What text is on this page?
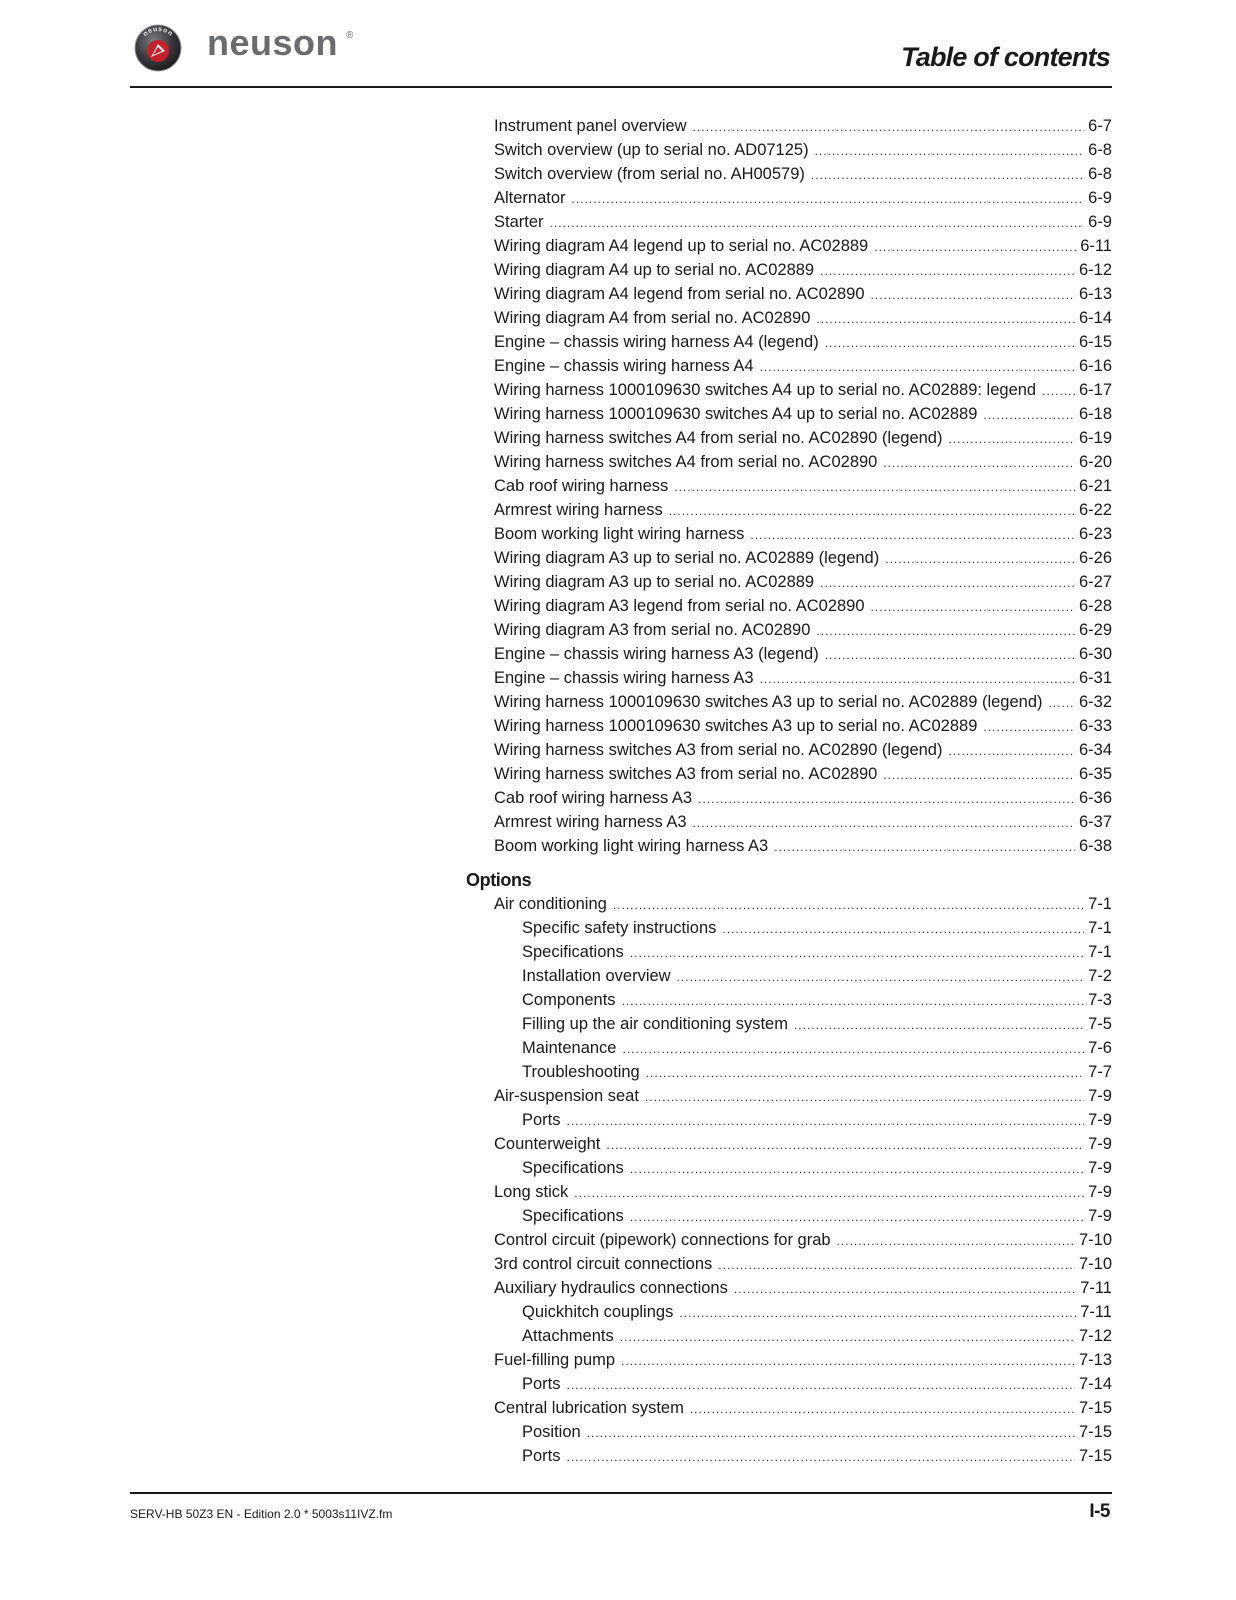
neuson neuson ®
Table of contents
Instrument panel overview .....	6-7
Switch overview (up to serial no. AD07125) .....	6-8
Switch overview (from serial no. AH00579) .....	6-8
Alternator .....	6-9
Starter .....	6-9
Wiring diagram A4 legend up to serial no. AC02889 .....	6-11
Wiring diagram A4 up to serial no. AC02889 .....	6-12
Wiring diagram A4 legend from serial no. AC02890 .....	6-13
Wiring diagram A4 from serial no. AC02890 .....	6-14
Engine – chassis wiring harness A4 (legend) .....	6-15
Engine – chassis wiring harness A4 .....	6-16
Wiring harness 1000109630 switches A4 up to serial no. AC02889: legend .....	6-17
Wiring harness 1000109630 switches A4 up to serial no. AC02889 .....	6-18
Wiring harness switches A4 from serial no. AC02890 (legend) .....	6-19
Wiring harness switches A4 from serial no. AC02890 .....	6-20
Cab roof wiring harness .....	6-21
Armrest wiring harness .....	6-22
Boom working light wiring harness .....	6-23
Wiring diagram A3 up to serial no. AC02889 (legend) .....	6-26
Wiring diagram A3 up to serial no. AC02889 .....	6-27
Wiring diagram A3 legend from serial no. AC02890 .....	6-28
Wiring diagram A3 from serial no. AC02890 .....	6-29
Engine – chassis wiring harness A3 (legend) .....	6-30
Engine – chassis wiring harness A3 .....	6-31
Wiring harness 1000109630 switches A3 up to serial no. AC02889 (legend) .....	6-32
Wiring harness 1000109630 switches A3 up to serial no. AC02889 .....	6-33
Wiring harness switches A3 from serial no. AC02890 (legend) .....	6-34
Wiring harness switches A3 from serial no. AC02890 .....	6-35
Cab roof wiring harness A3 .....	6-36
Armrest wiring harness A3 .....	6-37
Boom working light wiring harness A3 .....	6-38
Options
Air conditioning .....	7-1
Specific safety instructions .....	7-1
Specifications .....	7-1
Installation overview .....	7-2
Components .....	7-3
Filling up the air conditioning system .....	7-5
Maintenance .....	7-6
Troubleshooting .....	7-7
Air-suspension seat .....	7-9
Ports .....	7-9
Counterweight .....	7-9
Specifications .....	7-9
Long stick .....	7-9
Specifications .....	7-9
Control circuit (pipework) connections for grab .....	7-10
3rd control circuit connections .....	7-10
Auxiliary hydraulics connections .....	7-11
Quickhitch couplings .....	7-11
Attachments .....	7-12
Fuel-filling pump .....	7-13
Ports .....	7-14
Central lubrication system .....	7-15
Position .....	7-15
Ports .....	7-15
SERV-HB 50Z3 EN - Edition 2.0 * 5003s11IVZ.fm	I-5
